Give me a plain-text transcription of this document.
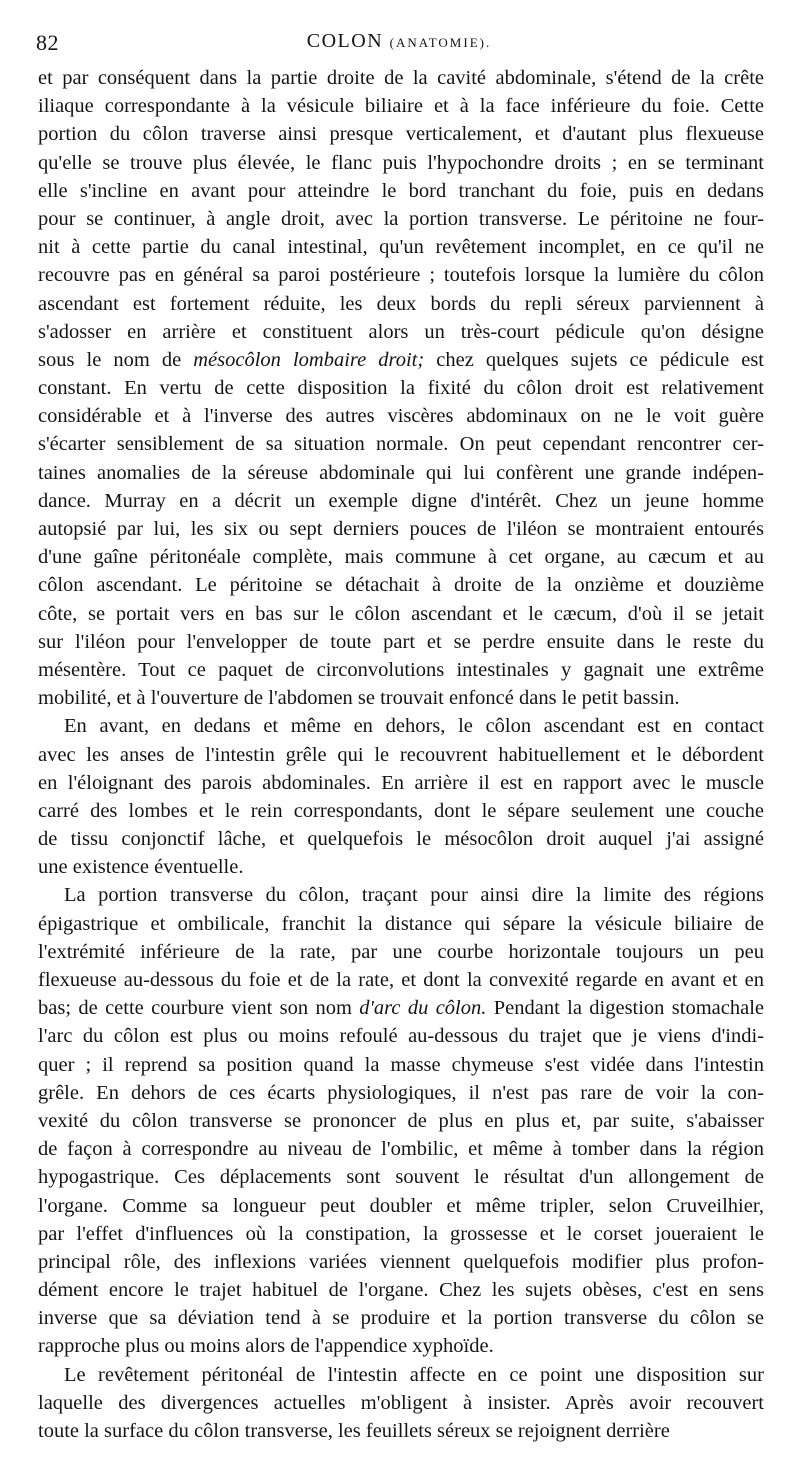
82	COLON (ANATOMIE).
et par conséquent dans la partie droite de la cavité abdominale, s'étend de la crête
iliaque correspondante à la vésicule biliaire et à la face inférieure du foie. Cette
portion du côlon traverse ainsi presque verticalement, et d'autant plus flexueuse
qu'elle se trouve plus élevée, le flanc puis l'hypochondre droits ; en se terminant
elle s'incline en avant pour atteindre le bord tranchant du foie, puis en dedans
pour se continuer, à angle droit, avec la portion transverse. Le péritoine ne four-
nit à cette partie du canal intestinal, qu'un revêtement incomplet, en ce qu'il ne
recouvre pas en général sa paroi postérieure ; toutefois lorsque la lumière du côlon
ascendant est fortement réduite, les deux bords du repli séreux parviennent à
s'adosser en arrière et constituent alors un très-court pédicule qu'on désigne
sous le nom de mésocôlon lombaire droit; chez quelques sujets ce pédicule est
constant. En vertu de cette disposition la fixité du côlon droit est relativement
considérable et à l'inverse des autres viscères abdominaux on ne le voit guère
s'écarter sensiblement de sa situation normale. On peut cependant rencontrer cer-
taines anomalies de la séreuse abdominale qui lui confèrent une grande indépen-
dance. Murray en a décrit un exemple digne d'intérêt. Chez un jeune homme
autopsié par lui, les six ou sept derniers pouces de l'iléon se montraient entourés
d'une gaîne péritonéale complète, mais commune à cet organe, au cæcum et au
côlon ascendant. Le péritoine se détachait à droite de la onzième et douzième
côte, se portait vers en bas sur le côlon ascendant et le cæcum, d'où il se jetait
sur l'iléon pour l'envelopper de toute part et se perdre ensuite dans le reste du
mésentère. Tout ce paquet de circonvolutions intestinales y gagnait une extrême
mobilité, et à l'ouverture de l'abdomen se trouvait enfoncé dans le petit bassin.
En avant, en dedans et même en dehors, le côlon ascendant est en contact
avec les anses de l'intestin grêle qui le recouvrent habituellement et le débordent
en l'éloignant des parois abdominales. En arrière il est en rapport avec le muscle
carré des lombes et le rein correspondants, dont le sépare seulement une couche
de tissu conjonctif lâche, et quelquefois le mésocôlon droit auquel j'ai assigné
une existence éventuelle.
La portion transverse du côlon, traçant pour ainsi dire la limite des régions
épigastrique et ombilicale, franchit la distance qui sépare la vésicule biliaire de
l'extrémité inférieure de la rate, par une courbe horizontale toujours un peu
flexueuse au-dessous du foie et de la rate, et dont la convexité regarde en avant et en
bas; de cette courbure vient son nom d'arc du côlon. Pendant la digestion stomachale
l'arc du côlon est plus ou moins refoulé au-dessous du trajet que je viens d'indi-
quer ; il reprend sa position quand la masse chymeuse s'est vidée dans l'intestin
grêle. En dehors de ces écarts physiologiques, il n'est pas rare de voir la con-
vexité du côlon transverse se prononcer de plus en plus et, par suite, s'abaisser
de façon à correspondre au niveau de l'ombilic, et même à tomber dans la région
hypogastrique. Ces déplacements sont souvent le résultat d'un allongement de
l'organe. Comme sa longueur peut doubler et même tripler, selon Cruveilhier,
par l'effet d'influences où la constipation, la grossesse et le corset joueraient le
principal rôle, des inflexions variées viennent quelquefois modifier plus profon-
dément encore le trajet habituel de l'organe. Chez les sujets obèses, c'est en sens
inverse que sa déviation tend à se produire et la portion transverse du côlon se
rapproche plus ou moins alors de l'appendice xyphoïde.
Le revêtement péritonéal de l'intestin affecte en ce point une disposition sur
laquelle des divergences actuelles m'obligent à insister. Après avoir recouvert
toute la surface du côlon transverse, les feuillets séreux se rejoignent derrière
